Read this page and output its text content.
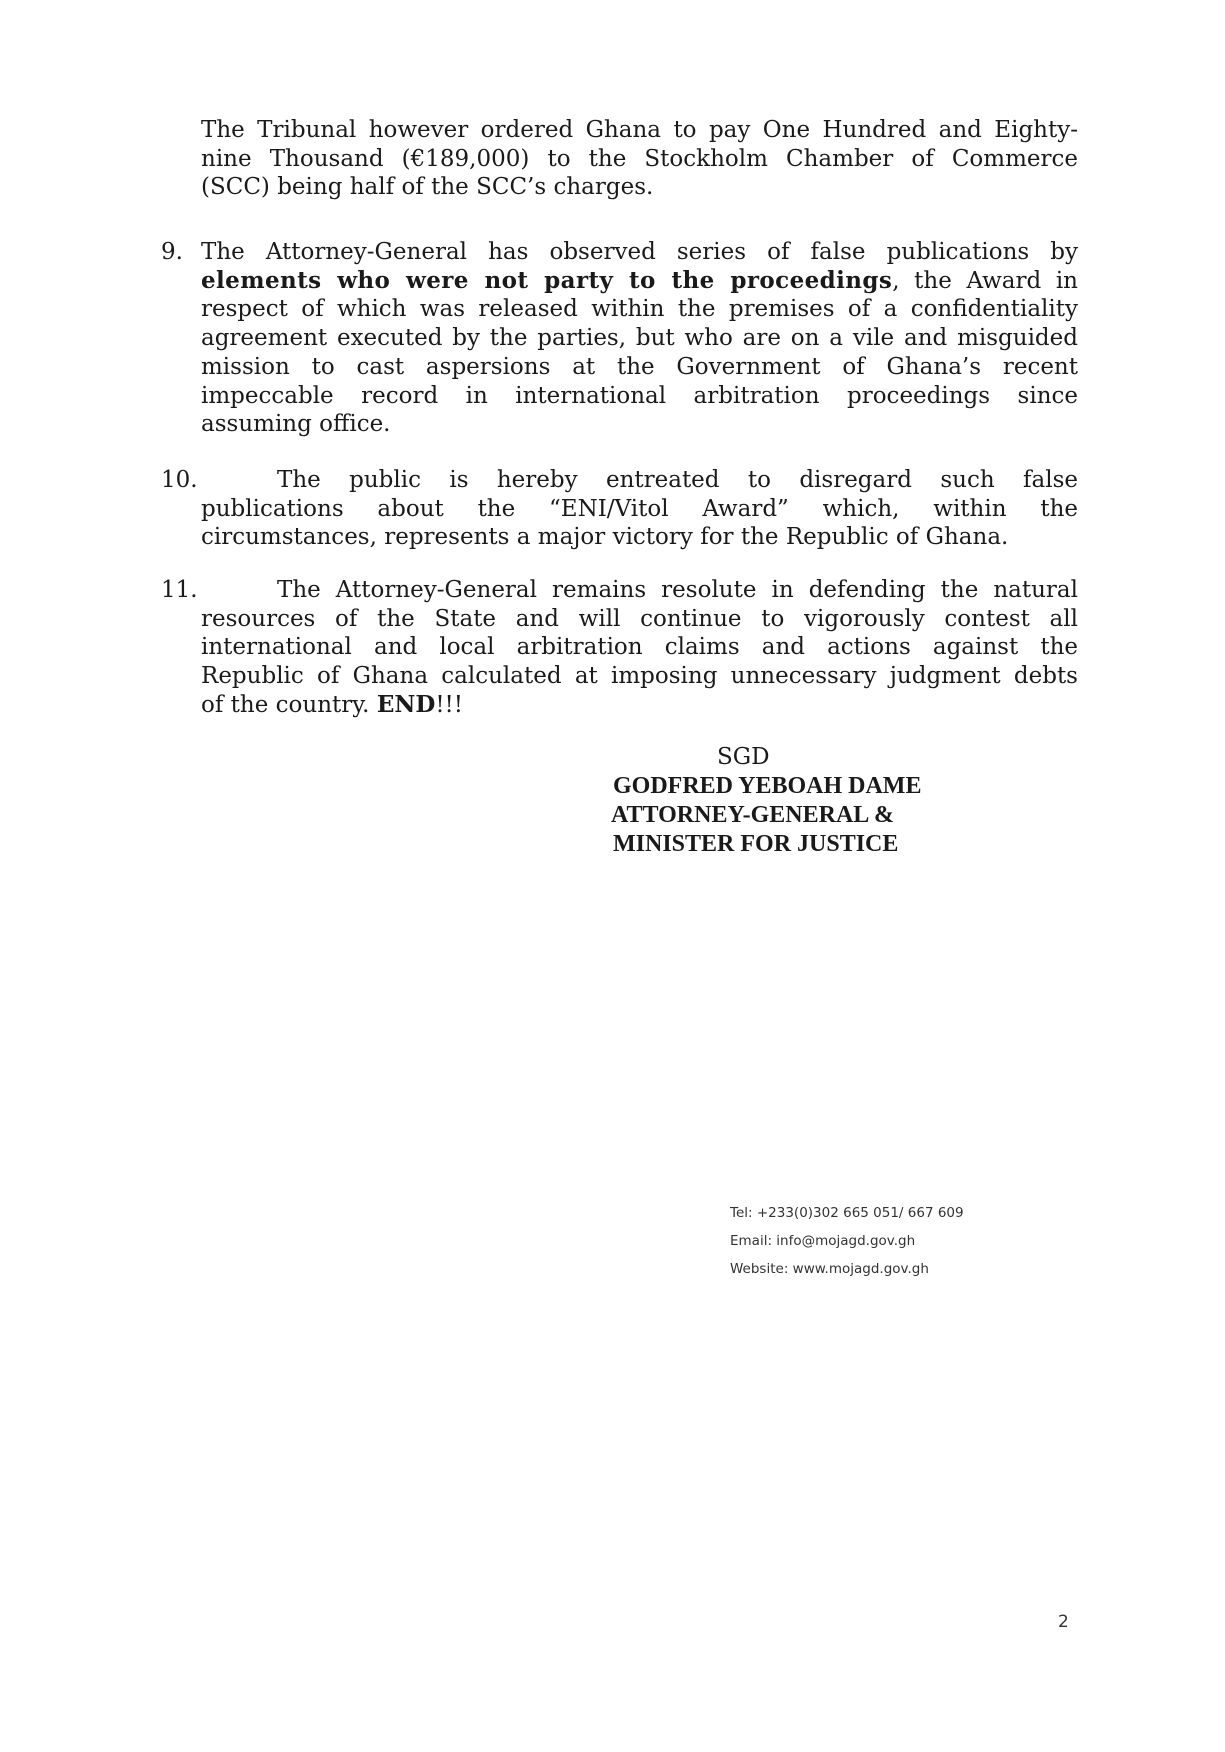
The Tribunal however ordered Ghana to pay One Hundred and Eighty-
nine Thousand (€189,000) to the Stockholm Chamber of Commerce
(SCC) being half of the SCC’s charges.

9. The Attorney-General has observed series of false publications by
elements who were not party to the proceedings, the Award in
respect of which was released within the premises of a confidentiality
agreement executed by the parties, but who are on a vile and misguided
mission to cast aspersions at the Government of Ghana’s recent
impeccable record in international arbitration proceedings since
assuming office.

10.	The public is hereby entreated to disregard such false
publications about the “ENI/Vitol Award” which, within the
circumstances, represents a major victory for the Republic of Ghana.

11.	The Attorney-General remains resolute in defending the natural
resources of the State and will continue to vigorously contest all
international and local arbitration claims and actions against the
Republic of Ghana calculated at imposing unnecessary judgment debts
of the country. END!!!

SGD

GODFRED YEBOAH DAME
ATTORNEY-GENERAL &
MINISTER FOR JUSTICE
Tel: +233(0)302 665 051/ 667 609
Email: info@mojagd.gov.gh
Website: www.mojagd.gov.gh

2
